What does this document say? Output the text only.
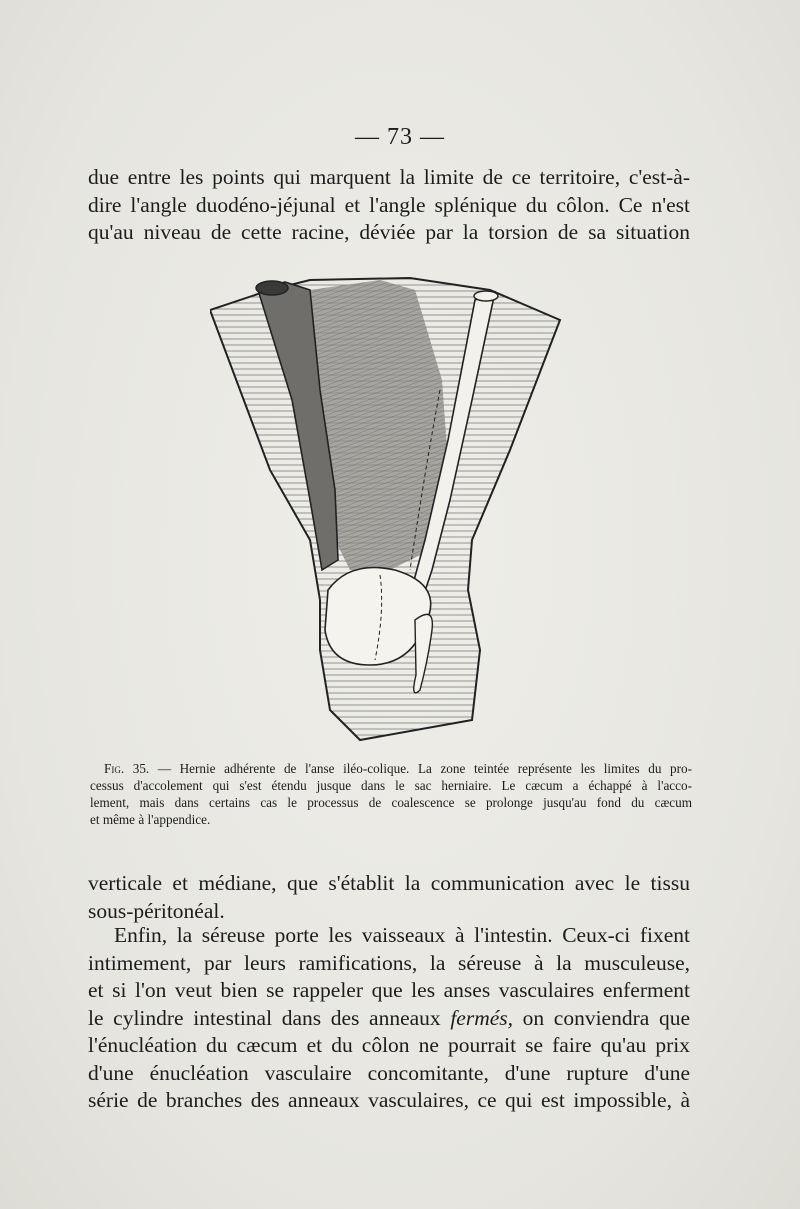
— 73 —
due entre les points qui marquent la limite de ce territoire, c'est-à-
dire l'angle duodéno-jéjunal et l'angle splénique du côlon. Ce n'est
qu'au niveau de cette racine, déviée par la torsion de sa situation
Fig. 35. — Hernie adhérente de l'anse iléo-colique. La zone teintée représente les limites du pro-
cessus d'accolement qui s'est étendu jusque dans le sac herniaire. Le cæcum a échappé à l'acco-
lement, mais dans certains cas le processus de coalescence se prolonge jusqu'au fond du cæcum
et même à l'appendice.
verticale et médiane, que s'établit la communication avec le tissu
sous-péritonéal.
Enfin, la séreuse porte les vaisseaux à l'intestin. Ceux-ci fixent
intimement, par leurs ramifications, la séreuse à la musculeuse,
et si l'on veut bien se rappeler que les anses vasculaires enferment
le cylindre intestinal dans des anneaux fermés, on conviendra que
l'énucléation du cæcum et du côlon ne pourrait se faire qu'au prix
d'une énucléation vasculaire concomitante, d'une rupture d'une
série de branches des anneaux vasculaires, ce qui est impossible, à
